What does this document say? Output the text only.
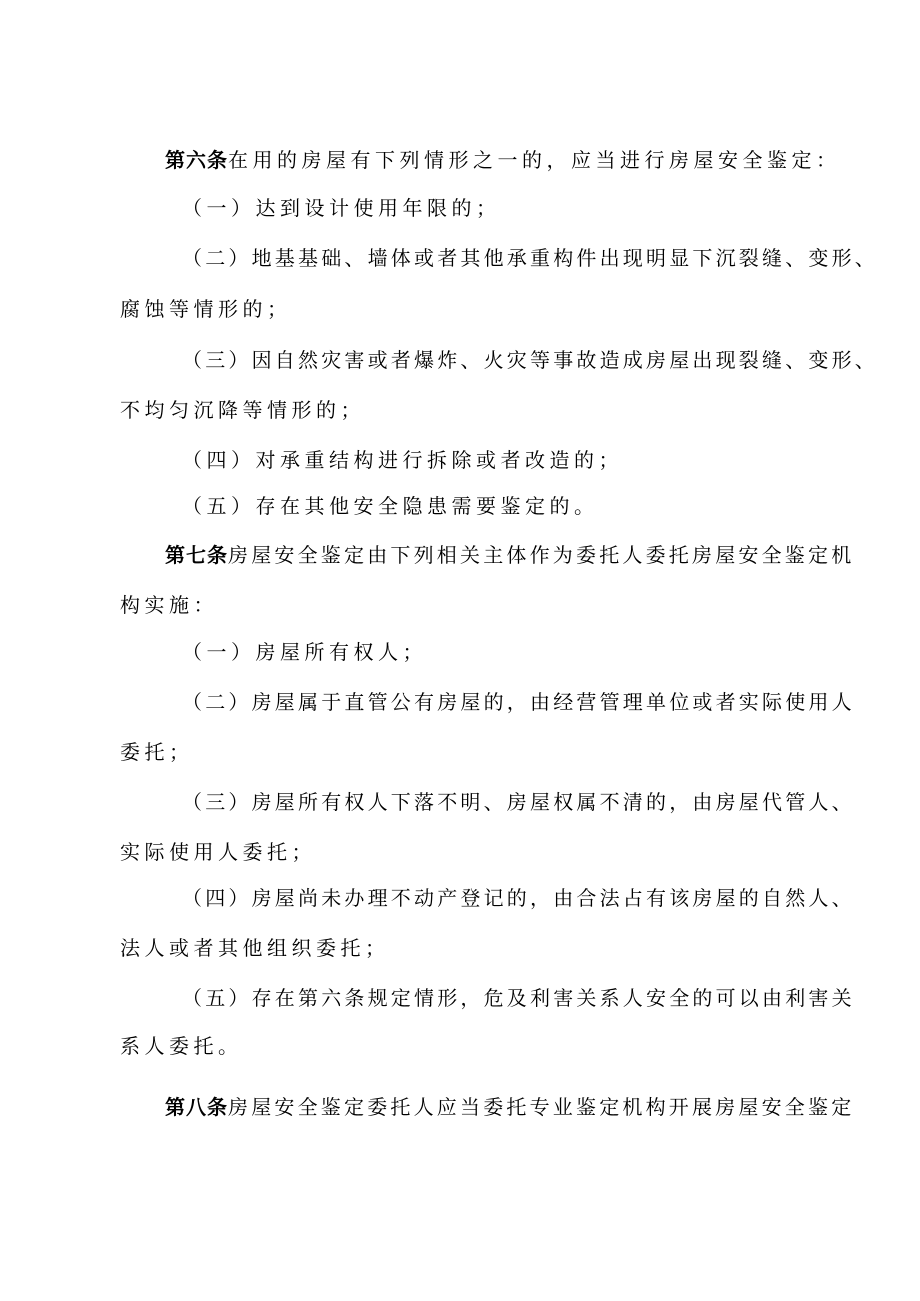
第六条在用的房屋有下列情形之一的，应当进行房屋安全鉴定：
（一）达到设计使用年限的；
（二）地基基础、墙体或者其他承重构件出现明显下沉裂缝、变形、
腐蚀等情形的；
（三）因自然灾害或者爆炸、火灾等事故造成房屋出现裂缝、变形、
不均匀沉降等情形的；
（四）对承重结构进行拆除或者改造的；
（五）存在其他安全隐患需要鉴定的。
第七条房屋安全鉴定由下列相关主体作为委托人委托房屋安全鉴定机
构实施：
（一）房屋所有权人；
（二）房屋属于直管公有房屋的，由经营管理单位或者实际使用人
委托；
（三）房屋所有权人下落不明、房屋权属不清的，由房屋代管人、
实际使用人委托；
（四）房屋尚未办理不动产登记的，由合法占有该房屋的自然人、
法人或者其他组织委托；
（五）存在第六条规定情形，危及利害关系人安全的可以由利害关
系人委托。
第八条房屋安全鉴定委托人应当委托专业鉴定机构开展房屋安全鉴定
